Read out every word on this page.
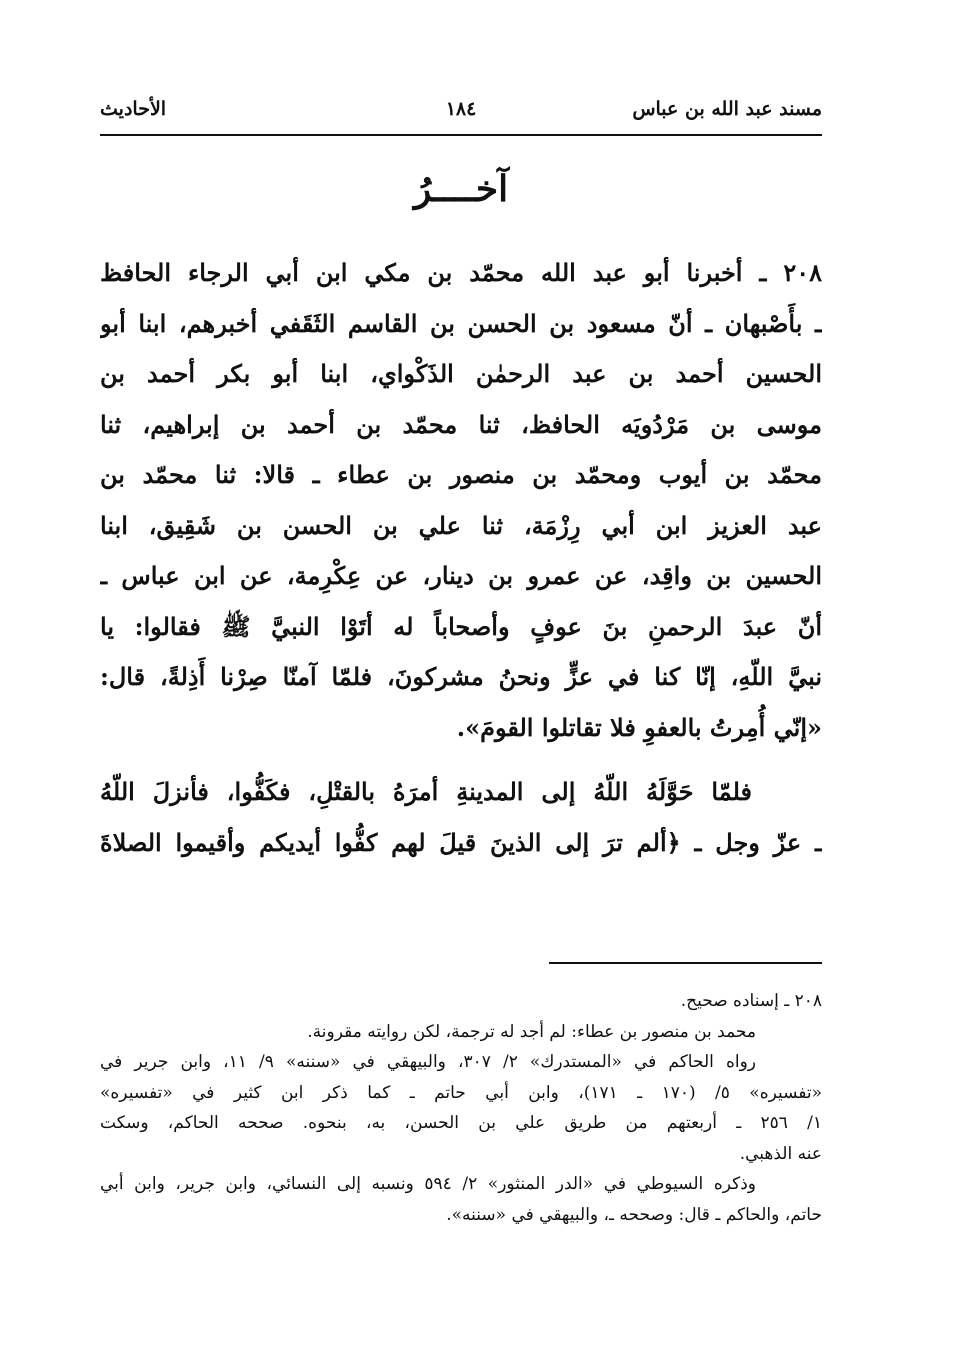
مسند عبد الله بن عباس
١٨٤
الأحاديث
آخــــرُ
٢٠٨ ـ أخبرنا أبو عبد الله محمّد بن مكي ابن أبي الرجاء الحافظ
ـ بأَصْبهان ـ أنّ مسعود بن الحسن بن القاسم الثَقَفي أخبرهم، ابنا أبو
الحسين أحمد بن عبد الرحمٰن الذَكْواي، ابنا أبو بكر أحمد بن
موسى بن مَرْدُويَه الحافظ، ثنا محمّد بن أحمد بن إبراهيم، ثنا
محمّد بن أيوب ومحمّد بن منصور بن عطاء ـ قالا: ثنا محمّد بن
عبد العزيز ابن أبي رِزْمَة، ثنا علي بن الحسن بن شَقِيق، ابنا
الحسين بن واقِد، عن عمرو بن دينار، عن عِكْرِمة، عن ابن عباس ـ
أنّ عبدَ الرحمنِ بنَ عوفٍ وأصحاباً له أتَوْا النبيَّ ﷺ فقالوا: يا
نبيَّ اللّهِ، إنّا كنا في عزٍّ ونحنُ مشركونَ، فلمّا آمنّا صِرْنا أَذِلةً، قال:
«إنّي أُمِرتُ بالعفوِ فلا تقاتلوا القومَ».
فلمّا حَوَّلَهُ اللّهُ إلى المدينةِ أمرَهُ بالقتْلِ، فكَفُّوا، فأنزلَ اللّهُ
ـ عزّ وجل ـ ﴿ألم ترَ إلى الذينَ قيلَ لهم كفُّوا أيديكم وأقيموا الصلاةَ
٢٠٨ ـ إسناده صحيح.
محمد بن منصور بن عطاء: لم أجد له ترجمة، لكن روايته مقرونة.
رواه الحاكم في «المستدرك» ٢/ ٣٠٧، والبيهقي في «سننه» ٩/ ١١، وابن جرير في
«تفسيره» ٥/ (١٧٠ ـ ١٧١)، وابن أبي حاتم ـ كما ذكر ابن كثير في «تفسيره»
١/ ٢٥٦ ـ أربعتهم من طريق علي بن الحسن، به، بنحوه. صححه الحاكم، وسكت
عنه الذهبي.
وذكره السيوطي في «الدر المنثور» ٢/ ٥٩٤ ونسبه إلى النسائي، وابن جرير، وابن أبي
حاتم، والحاكم ـ قال: وصححه ـ، والبيهقي في «سننه».
